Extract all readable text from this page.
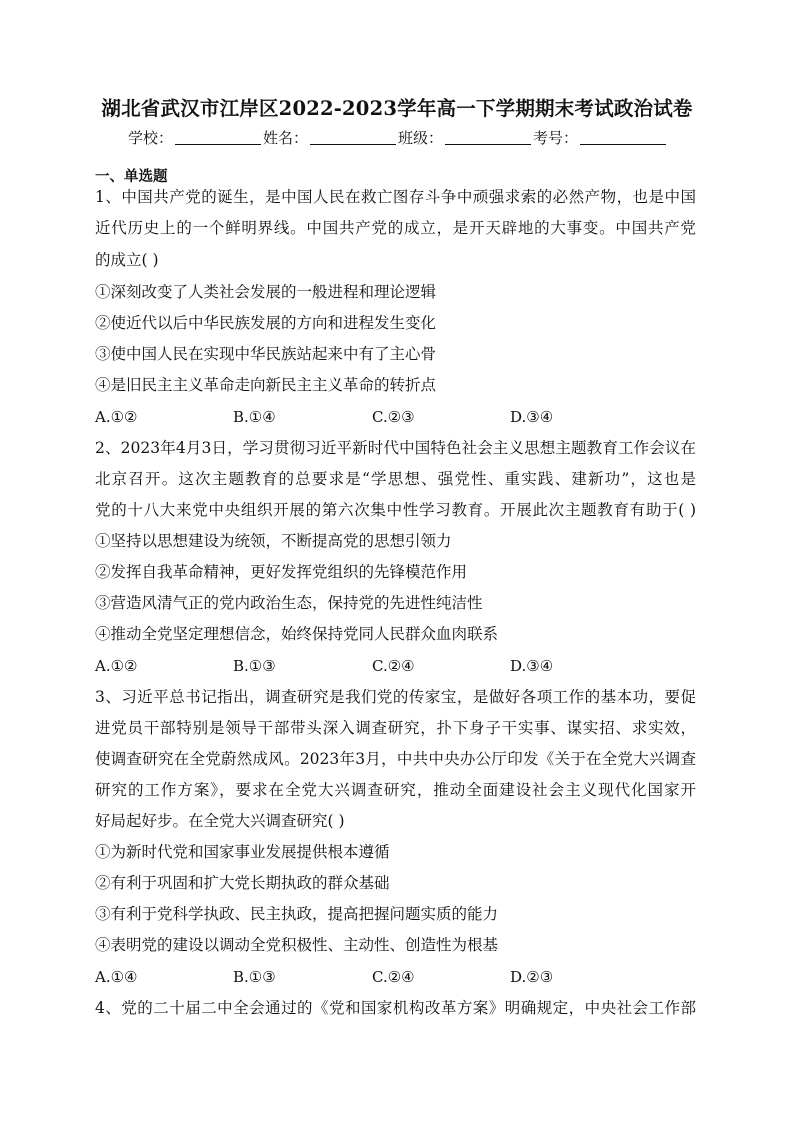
湖北省武汉市江岸区2022-2023学年高一下学期期末考试政治试卷
学校：	姓名：	班级：	考号：
一、单选题
1、中国共产党的诞生，是中国人民在救亡图存斗争中顽强求索的必然产物，也是中国
近代历史上的一个鲜明界线。中国共产党的成立，是开天辟地的大事变。中国共产党
的成立( )
①深刻改变了人类社会发展的一般进程和理论逻辑
②使近代以后中华民族发展的方向和进程发生变化
③使中国人民在实现中华民族站起来中有了主心骨
④是旧民主主义革命走向新民主主义革命的转折点
A.①②	B.①④	C.②③	D.③④
2、2023年4月3日，学习贯彻习近平新时代中国特色社会主义思想主题教育工作会议在
北京召开。这次主题教育的总要求是“学思想、强党性、重实践、建新功”，这也是
党的十八大来党中央组织开展的第六次集中性学习教育。开展此次主题教育有助于( )
①坚持以思想建设为统领，不断提高党的思想引领力
②发挥自我革命精神，更好发挥党组织的先锋模范作用
③营造风清气正的党内政治生态，保持党的先进性纯洁性
④推动全党坚定理想信念，始终保持党同人民群众血肉联系
A.①②	B.①③	C.②④	D.③④
3、习近平总书记指出，调查研究是我们党的传家宝，是做好各项工作的基本功，要促
进党员干部特别是领导干部带头深入调查研究，扑下身子干实事、谋实招、求实效，
使调查研究在全党蔚然成风。2023年3月，中共中央办公厅印发《关于在全党大兴调查
研究的工作方案》，要求在全党大兴调查研究，推动全面建设社会主义现代化国家开
好局起好步。在全党大兴调查研究( )
①为新时代党和国家事业发展提供根本遵循
②有利于巩固和扩大党长期执政的群众基础
③有利于党科学执政、民主执政，提高把握问题实质的能力
④表明党的建设以调动全党积极性、主动性、创造性为根基
A.①④	B.①③	C.②④	D.②③
4、党的二十届二中全会通过的《党和国家机构改革方案》明确规定，中央社会工作部
